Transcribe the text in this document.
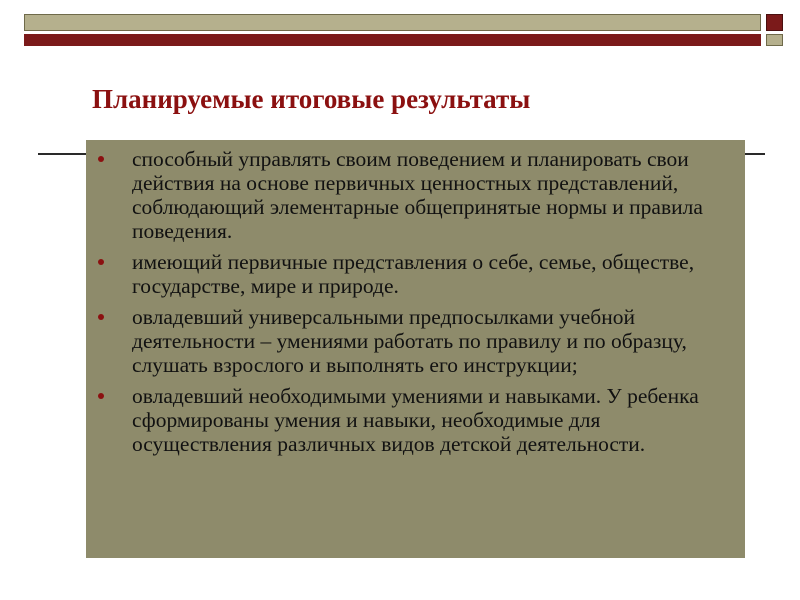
Планируемые итоговые результаты
способный управлять своим поведением и планировать свои действия на основе первичных ценностных представлений, соблюдающий элементарные общепринятые нормы и правила поведения.
имеющий первичные представления о себе, семье, обществе, государстве, мире и природе.
овладевший универсальными предпосылками учебной деятельности – умениями работать по правилу и по образцу, слушать взрослого и выполнять его инструкции;
овладевший необходимыми умениями и навыками. У ребенка сформированы умения и навыки, необходимые для осуществления различных видов детской деятельности.
